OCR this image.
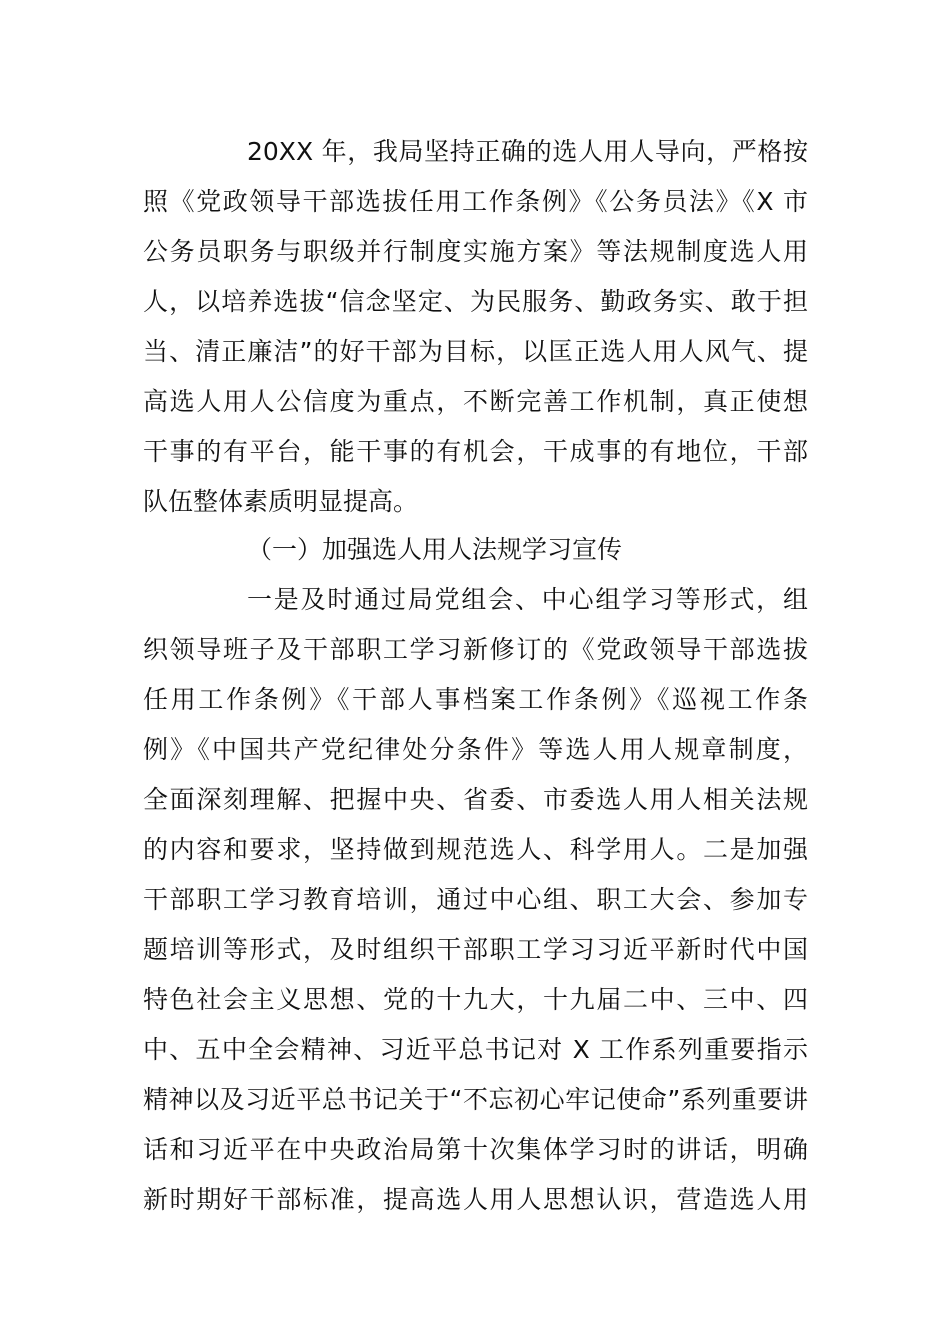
20XX 年，我局坚持正确的选人用人导向，严格按
照《党政领导干部选拔任用工作条例》《公务员法》《X 市
公务员职务与职级并行制度实施方案》等法规制度选人用
人，以培养选拔“信念坚定、为民服务、勤政务实、敢于担
当、清正廉洁”的好干部为目标，以匡正选人用人风气、提
高选人用人公信度为重点，不断完善工作机制，真正使想
干事的有平台，能干事的有机会，干成事的有地位，干部
队伍整体素质明显提高。
（一）加强选人用人法规学习宣传
一是及时通过局党组会、中心组学习等形式，组
织领导班子及干部职工学习新修订的《党政领导干部选拔
任用工作条例》《干部人事档案工作条例》《巡视工作条
例》《中国共产党纪律处分条件》等选人用人规章制度，
全面深刻理解、把握中央、省委、市委选人用人相关法规
的内容和要求，坚持做到规范选人、科学用人。二是加强
干部职工学习教育培训，通过中心组、职工大会、参加专
题培训等形式，及时组织干部职工学习习近平新时代中国
特色社会主义思想、党的十九大，十九届二中、三中、四
中、五中全会精神、习近平总书记对 X 工作系列重要指示
精神以及习近平总书记关于“不忘初心牢记使命”系列重要讲
话和习近平在中央政治局第十次集体学习时的讲话，明确
新时期好干部标准，提高选人用人思想认识，营造选人用
